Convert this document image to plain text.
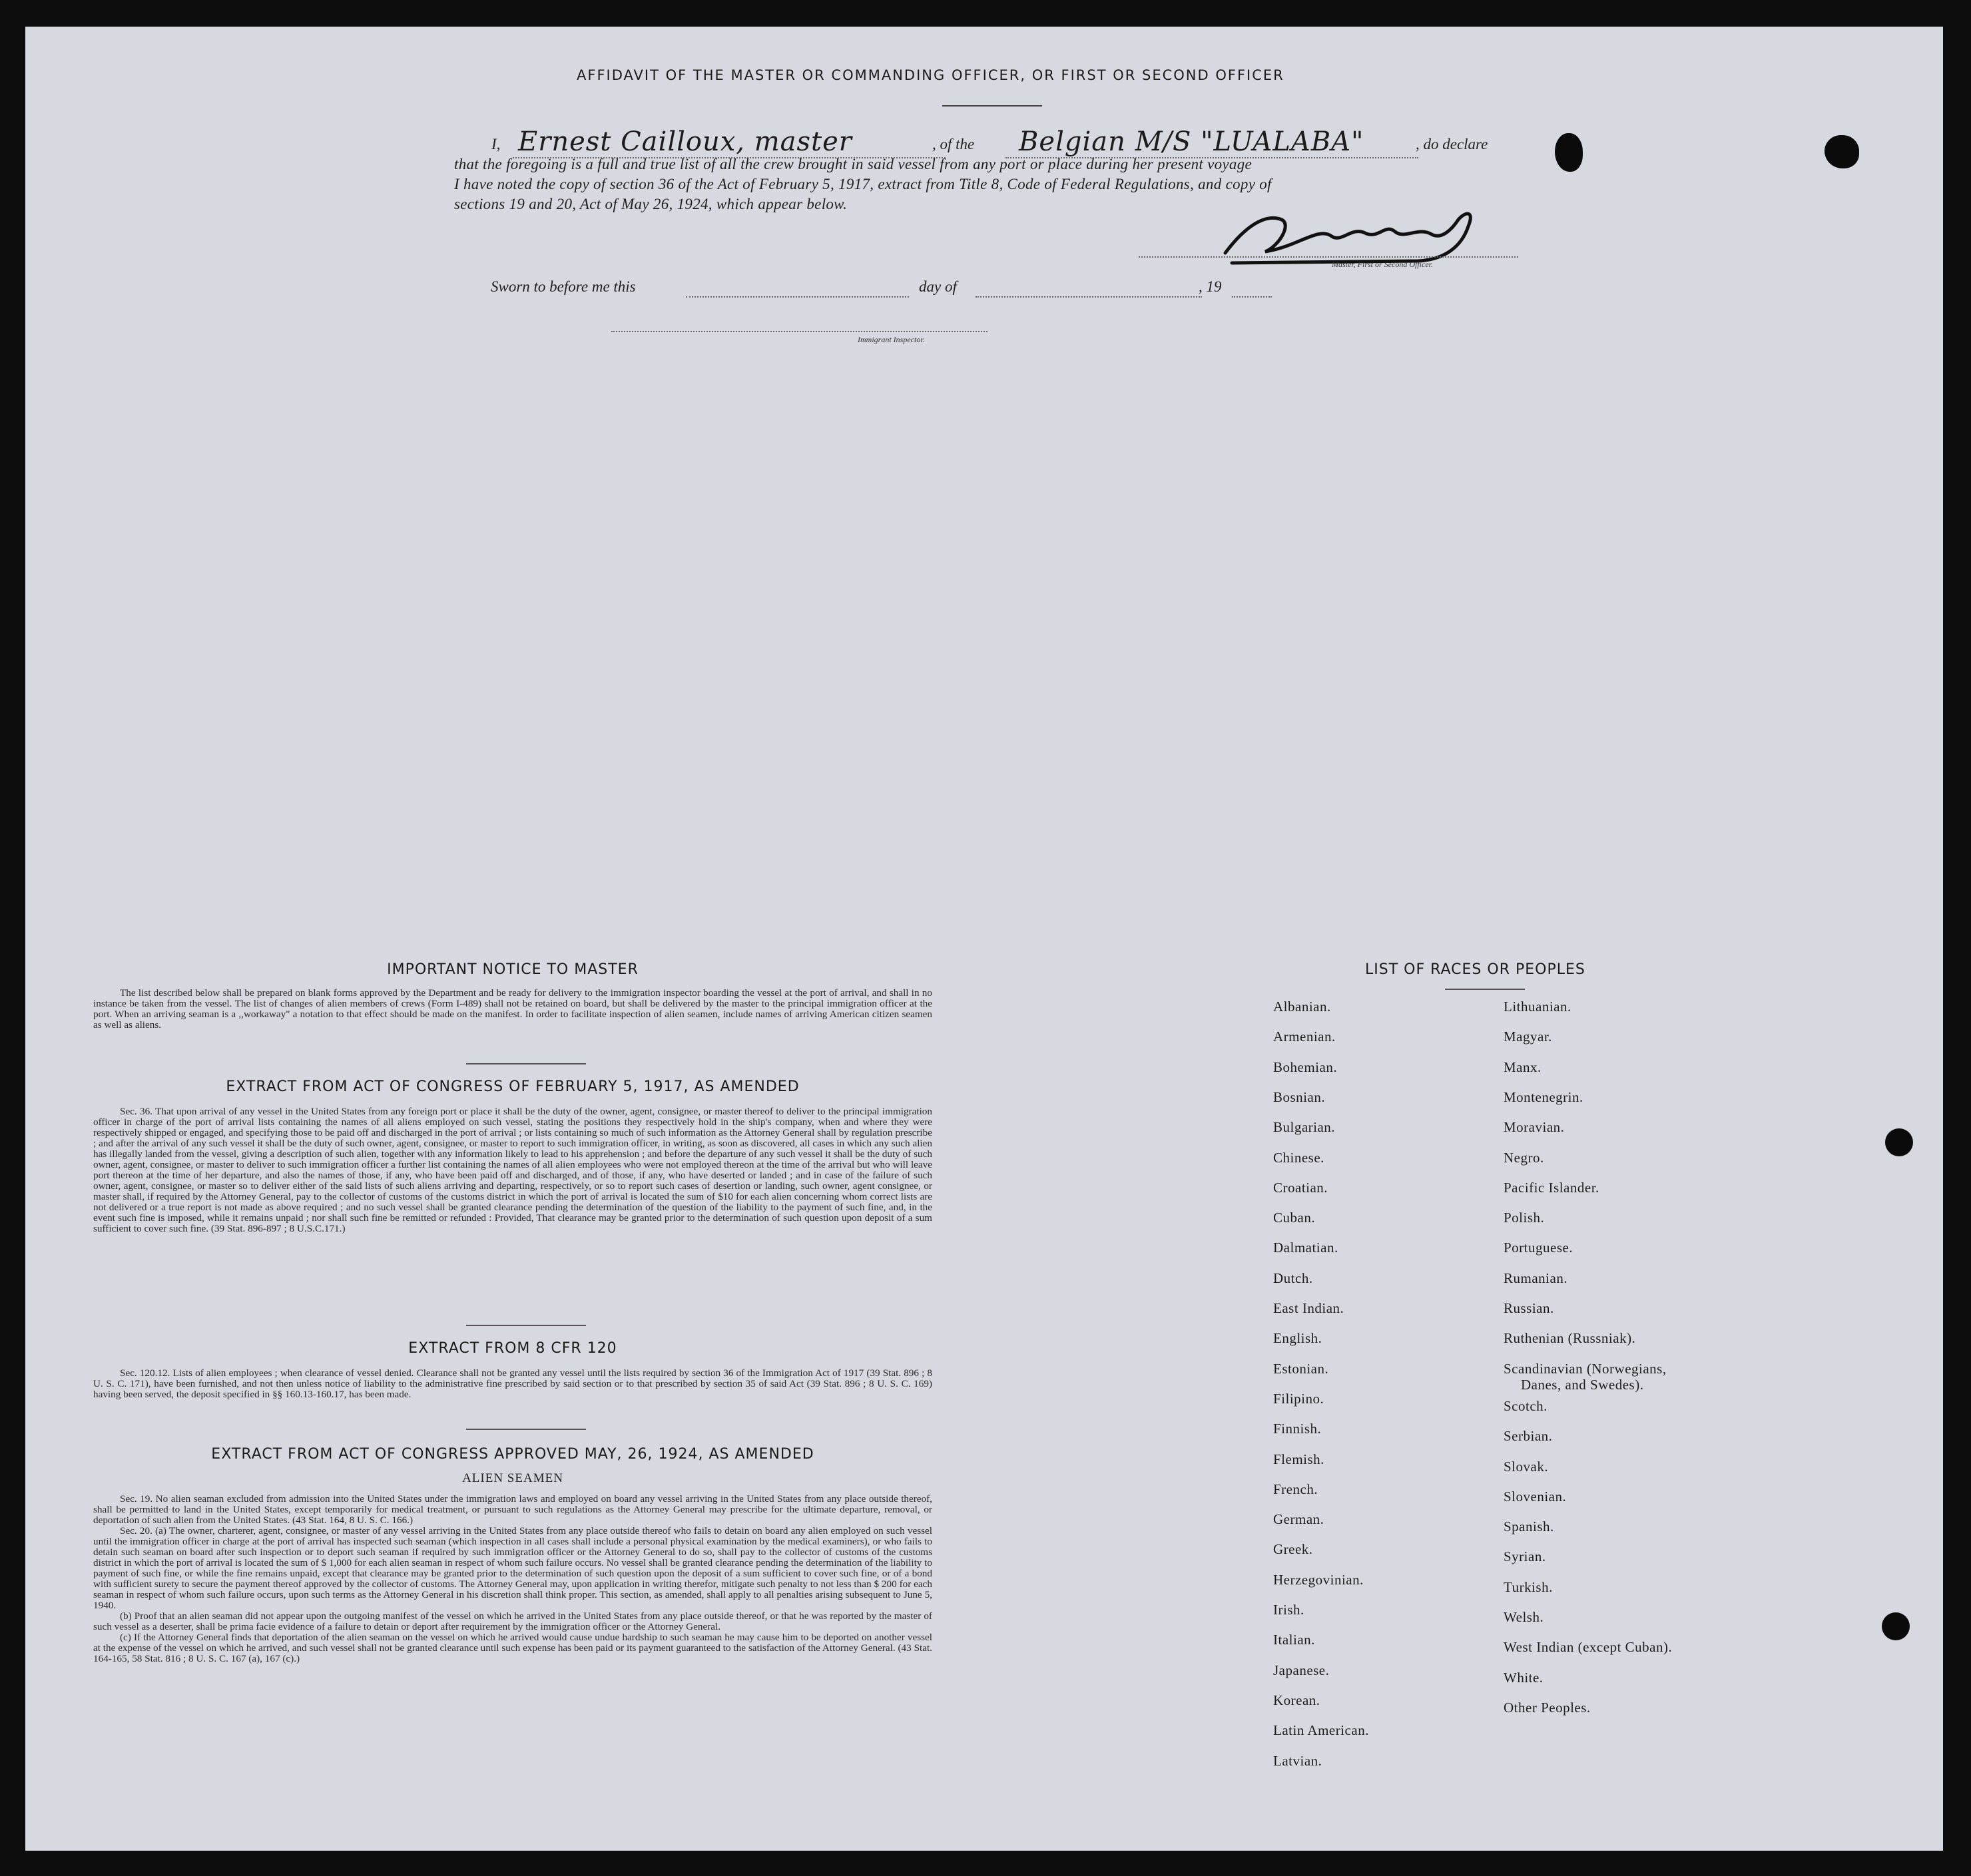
AFFIDAVIT OF THE MASTER OR COMMANDING OFFICER, OR FIRST OR SECOND OFFICER
I, Ernest Cailloux, master	, of the Belgian M/S "LUALABA"	, do declare
that the foregoing is a full and true list of all the crew brought in said vessel from any port or place during her present voyage
I have noted the copy of section 36 of the Act of February 5, 1917, extract from Title 8, Code of Federal Regulations, and copy of
sections 19 and 20, Act of May 26, 1924, which appear below.
Master, First or Second Officer.
Sworn to before me this	day of	, 19
Immigrant Inspector.
IMPORTANT NOTICE TO MASTER

The list described below shall be prepared on blank forms approved by the Department and be ready for delivery to the immigration inspector boarding the vessel at the port of arrival, and shall in no instance be taken from the vessel. The list of changes of alien members of crews (Form I-489) shall not be retained on board, but shall be delivered by the master to the principal immigration officer at the port. When an arriving seaman is a ,,workaway" a notation to that effect should be made on the manifest. In order to facilitate inspection of alien seamen, include names of arriving American citizen seamen as well as aliens.

EXTRACT FROM ACT OF CONGRESS OF FEBRUARY 5, 1917, AS AMENDED

Sec. 36. That upon arrival of any vessel in the United States from any foreign port or place it shall be the duty of the owner, agent, consignee, or master thereof to deliver to the principal immigration officer in charge of the port of arrival lists containing the names of all aliens employed on such vessel, stating the positions they respectively hold in the ship's company, when and where they were respectively shipped or engaged, and specifying those to be paid off and discharged in the port of arrival ; or lists containing so much of such information as the Attorney General shall by regulation prescribe ; and after the arrival of any such vessel it shall be the duty of such owner, agent, consignee, or master to report to such immigration officer, in writing, as soon as discovered, all cases in which any such alien has illegally landed from the vessel, giving a description of such alien, together with any information likely to lead to his apprehension ; and before the departure of any such vessel it shall be the duty of such owner, agent, consignee, or master to deliver to such immigration officer a further list containing the names of all alien employees who were not employed thereon at the time of the arrival but who will leave port thereon at the time of her departure, and also the names of those, if any, who have been paid off and discharged, and of those, if any, who have deserted or landed ; and in case of the failure of such owner, agent, consignee, or master so to deliver either of the said lists of such aliens arriving and departing, respectively, or so to report such cases of desertion or landing, such owner, agent consignee, or master shall, if required by the Attorney General, pay to the collector of customs of the customs district in which the port of arrival is located the sum of $10 for each alien concerning whom correct lists are not delivered or a true report is not made as above required ; and no such vessel shall be granted clearance pending the determination of the question of the liability to the payment of such fine, and, in the event such fine is imposed, while it remains unpaid ; nor shall such fine be remitted or refunded : Provided, That clearance may be granted prior to the determination of such question upon deposit of a sum sufficient to cover such fine. (39 Stat. 896-897 ; 8 U.S.C.171.)

EXTRACT FROM 8 CFR 120

Sec. 120.12. Lists of alien employees ; when clearance of vessel denied. Clearance shall not be granted any vessel until the lists required by section 36 of the Immigration Act of 1917 (39 Stat. 896 ; 8 U. S. C. 171), have been furnished, and not then unless notice of liability to the administrative fine prescribed by said section or to that prescribed by section 35 of said Act (39 Stat. 896 ; 8 U. S. C. 169) having been served, the deposit specified in §§ 160.13-160.17, has been made.

EXTRACT FROM ACT OF CONGRESS APPROVED MAY, 26, 1924, AS AMENDED
ALIEN SEAMEN

Sec. 19. No alien seaman excluded from admission into the United States under the immigration laws and employed on board any vessel arriving in the United States from any place outside thereof, shall be permitted to land in the United States, except temporarily for medical treatment, or pursuant to such regulations as the Attorney General may prescribe for the ultimate departure, removal, or deportation of such alien from the United States. (43 Stat. 164, 8 U. S. C. 166.)

Sec. 20. (a) The owner, charterer, agent, consignee, or master of any vessel arriving in the United States from any place outside thereof who fails to detain on board any alien employed on such vessel until the immigration officer in charge at the port of arrival has inspected such seaman (which inspection in all cases shall include a personal physical examination by the medical examiners), or who fails to detain such seaman on board after such inspection or to deport such seaman if required by such immigration officer or the Attorney General to do so, shall pay to the collector of customs of the customs district in which the port of arrival is located the sum of $ 1,000 for each alien seaman in respect of whom such failure occurs. No vessel shall be granted clearance pending the determination of the liability to payment of such fine, or while the fine remains unpaid, except that clearance may be granted prior to the determination of such question upon the deposit of a sum sufficient to cover such fine, or of a bond with sufficient surety to secure the payment thereof approved by the collector of customs. The Attorney General may, upon application in writing therefor, mitigate such penalty to not less than $ 200 for each seaman in respect of whom such failure occurs, upon such terms as the Attorney General in his discretion shall think proper. This section, as amended, shall apply to all penalties arising subsequent to June 5, 1940.

(b) Proof that an alien seaman did not appear upon the outgoing manifest of the vessel on which he arrived in the United States from any place outside thereof, or that he was reported by the master of such vessel as a deserter, shall be prima facie evidence of a failure to detain or deport after requirement by the immigration officer or the Attorney General.

(c) If the Attorney General finds that deportation of the alien seaman on the vessel on which he arrived would cause undue hardship to such seaman he may cause him to be deported on another vessel at the expense of the vessel on which he arrived, and such vessel shall not be granted clearance until such expense has been paid or its payment guaranteed to the satisfaction of the Attorney General. (43 Stat. 164-165, 58 Stat. 816 ; 8 U. S. C. 167 (a), 167 (c).)

LIST OF RACES OR PEOPLES
Albanian.
Armenian.
Bohemian.
Bosnian.
Bulgarian.
Chinese.
Croatian.
Cuban.
Dalmatian.
Dutch.
East Indian.
English.
Estonian.
Filipino.
Finnish.
Flemish.
French.
German.
Greek.
Herzegovinian.
Irish.
Italian.
Japanese.
Korean.
Latin American.
Latvian.
Lithuanian.
Magyar.
Manx.
Montenegrin.
Moravian.
Negro.
Pacific Islander.
Polish.
Portuguese.
Rumanian.
Russian.
Ruthenian (Russniak).
Scandinavian (Norwegians,
Danes, and Swedes).
Scotch.
Serbian.
Slovak.
Slovenian.
Spanish.
Syrian.
Turkish.
Welsh.
West Indian (except Cuban).
White.
Other Peoples.
